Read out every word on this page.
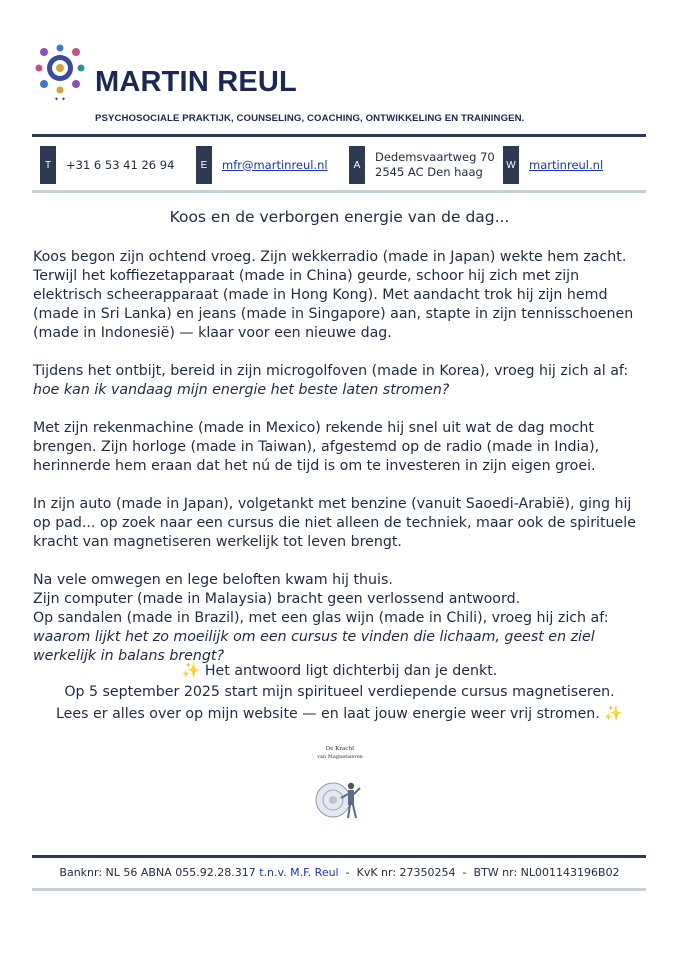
✦ ✦
MARTIN REUL
PSYCHOSOCIALE PRAKTIJK, COUNSELING, COACHING, ONTWIKKELING EN TRAININGEN.
T	+31 6 53 41 26 94	E	mfr@martinreul.nl	A
Dedemsvaartweg 70
2545 AC Den haag	W martinreul.nl
Koos en de verborgen energie van de dag...

Koos begon zijn ochtend vroeg. Zijn wekkerradio (made in Japan) wekte hem zacht. Terwijl het koffiezetapparaat (made in China) geurde, schoor hij zich met zijn elektrisch scheerapparaat (made in Hong Kong). Met aandacht trok hij zijn hemd (made in Sri Lanka) en jeans (made in Singapore) aan, stapte in zijn tennisschoenen (made in Indonesië) — klaar voor een nieuwe dag.

Tijdens het ontbijt, bereid in zijn microgolfoven (made in Korea), vroeg hij zich al af: hoe kan ik vandaag mijn energie het beste laten stromen?

Met zijn rekenmachine (made in Mexico) rekende hij snel uit wat de dag mocht brengen. Zijn horloge (made in Taiwan), afgestemd op de radio (made in India), herinnerde hem eraan dat het nú de tijd is om te investeren in zijn eigen groei.

In zijn auto (made in Japan), volgetankt met benzine (vanuit Saoedi-Arabië), ging hij op pad... op zoek naar een cursus die niet alleen de techniek, maar ook de spirituele kracht van magnetiseren werkelijk tot leven brengt.

Na vele omwegen en lege beloften kwam hij thuis.
Zijn computer (made in Malaysia) bracht geen verlossend antwoord.
Op sandalen (made in Brazil), met een glas wijn (made in Chili), vroeg hij zich af: waarom lijkt het zo moeilijk om een cursus te vinden die lichaam, geest en ziel werkelijk in balans brengt?

✨ Het antwoord ligt dichterbij dan je denkt.
Op 5 september 2025 start mijn spiritueel verdiepende cursus magnetiseren.
Lees er alles over op mijn website — en laat jouw energie weer vrij stromen. ✨
De Kracht
van Magnetiseren
Banknr: NL 56 ABNA 055.92.28.317 t.n.v. M.F. Reul - KvK nr: 27350254 - BTW nr: NL001143196B02
